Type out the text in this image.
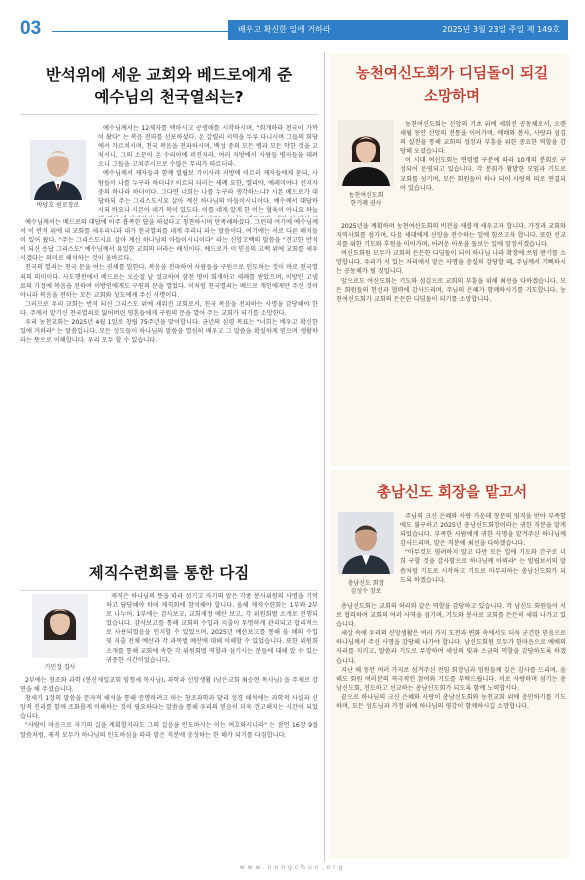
03	배우고 확신한 일에 거하라	2025년 3월 23일 주일 제 149호
반석위에 세운 교회와 베드로에게 준
예수님의 천국열쇠는?
박양호 원로장로

예수님께서는 12제자를 택하시고 공생애를 시작하시며, "회개하라 천국이 가까이 왔다" 는 복음 전파를 선포하셨다. 온 갈릴리 지역을 두루 다니시며 그들의 회당에서 가르치시며, 천국 복음을 전파하시며, 백성 중의 모든 병과 모든 약한 것을 고치시니, 그의 소문이 온 수리아에 퍼진지라, 여러 지방에서 사람들 병자들을 데려오니 그들을 고쳐주시므로 수많은 무리가 따르더라.

예수님께서 제자들과 함께 빌립보 가이사랴 지방에 이르러 제자들에게 묻되, 사람들이 나를 누구라 하더냐? 이르되 더러는 세례 요한, 엘리야, 예레미야나 선지자 중의 하나라 하더이다. 그다면 너희는 나를 누구라 생각하느냐? 시몬 베드로가 대답하되 주는 그리스도시요 살아 계신 하나님의 아들이시니이다. 예수께서 대답하시되 바요나 시몬아 네가 복이 있도다. 이를 네게 알게 한 이는 혈육이 아니요 하늘

예수님께서는 베드로의 대답에 아주 흡족한 답을 하셨다고 칭찬하시며 만족해하셨다. 그런데 여기에 예수님께서 이 반석 위에 내 교회를 세우리니라 내가 천국열쇠를 네게 주리니 라는 말씀이다. 여기에는 서로 다른 해석들이 있어 왔다. "주는 그리스도시요 살아 계신 하나님의 아들이시니이다" 라는 신앙고백의 말씀을 "견고한 반석이 되신 응답 그리스도" 예수님께서 유일한 교회의 터라는 해석이다. 베드로가 이 믿음의 고백 위에 교회를 세우시겠다는 의미로 해석하는 것이 올바르다.

천국의 열쇠는 천국 문을 여는 권세를 말한다. 복음을 전파하여 사람들을 구원으로 인도하는 것이 바로 천국열쇠의 의미이다. 사도행전에서 베드로는 오순절 날 설교하여 삼천 명이 회개하고 세례를 받았으며, 이방인 고넬료의 가정에 복음을 전하여 이방인에게도 구원의 문을 열었다. 이처럼 천국열쇠는 베드로 개인에게만 주신 것이 아니라 복음을 전하는 모든 교회와 성도에게 주신 사명이다.

그러므로 우리 교회는 반석 되신 그리스도 위에 세워진 교회로서, 천국 복음을 전파하는 사명을 감당해야 한다. 주께서 맡기신 천국열쇠로 잃어버린 영혼들에게 구원의 문을 열어 주는 교회가 되기를 소망한다.

우리 농천교회는 2025년 4월 1일로 창립 75주년을 맞이합니다. 금년의 심령 목표는 "너희는 배우고 확신한 일에 거하라" 는 말씀입니다. 모든 성도들이 하나님의 말씀을 열심히 배우고 그 말씀을 확실하게 믿으며 생활하라는 뜻으로 이해합니다. 우리 모두 할 수 있습니다.

제직수련회를 통한 다짐
기민정 집사

제직은 하나님의 뜻을 따라 섬기고 자기의 맡은 각종 봉사위원의 사명을 기억하고 담당해야 하며 제직회에 참석해야 합니다. 올해 제직수련회는 1부와 2부로 나누어, 1부에는 감사보고, 교회재정 예산 보고, 각 위원회별 소개로 진행되었습니다. 감사보고를 통해 교회의 수입과 지출이 투명하게 관리되고 합리적으로 사용되었음을 인지할 수 있었으며, 2025년 예산보고를 통해 올 해의 수입 및 지출 전체 예산과 각 과목별 예산에 대해 이해할 수 있었습니다. 또한 위원회 소개를 통해 교회에 속한 각 위원회별 역할과 섬기시는 분들에 대해 알 수 있는 귀중한 시간이었습니다.

2부에는 창조와 과학 (봉산제일교회 임청세 목사님), 과학과 신앙생활 (남은교회 최승현 목사님) 을 주제로 강연을 해 주셨습니다.

창세기 1장의 말씀을 문자적 해석을 통해 증명하려고 하는 창조과학과 달리 성경 해석에는 과학적 사실과 신앙적 진리를 함께 조화롭게 이해하는 것이 필요하다는 말씀을 통해 우리의 믿음이 더욱 견고해지는 시간이 되었습니다.

"사람이 마음으로 자기의 길을 계획할지라도 그의 걸음을 인도하시는 이는 여호와시니라" 는 잠언 16장 9절 말씀처럼, 제직 모두가 하나님의 인도하심을 따라 맡은 직분에 충성하는 한 해가 되기를 다짐합니다.

농천여신도회가 디딤돌이 되길
소망하며
농천여신도회
한기례 권사

농천여신도회는 신앙의 기초 위에 세워진 공동체로서, 오랜 세월 동안 신앙의 전통을 이어가며, 예배와 봉사, 사랑과 섬김의 실천을 통해 교회의 성장과 부흥을 위한 중요한 역할을 감당해 오셨습니다.

이 시대 여신도회는 연령별 구분에 따라 10개의 분회로 구성되어 운영되고 있습니다. 각 분회가 활발한 모임과 기도로 교회를 섬기며, 모든 회원들이 하나 되어 사랑의 띠로 연결되어 있습니다.

2025년을 계획하며 농천여신도회의 비전을 새롭게 세우고자 합니다. 가정과 교회와 지역사회를 섬기며, 다음 세대에게 신앙을 전수하는 일에 힘쓰고자 합니다. 또한 선교지를 위한 기도와 후원을 이어가며, 어려운 이웃을 돌보는 일에 앞장서겠습니다.

여신도회원 모두가 교회의 든든한 디딤돌이 되어 하나님 나라 확장에 쓰임 받기를 소망합니다. 우리가 서 있는 자리에서 맡은 사명을 충실히 감당할 때, 주님께서 기뻐하시는 공동체가 될 것입니다.

앞으로도 여신도회는 기도와 섬김으로 교회의 부흥을 위해 최선을 다하겠습니다. 모든 회원들의 헌신과 협력에 감사드리며, 주님의 은혜가 함께하시기를 기도합니다. 농천여신도회가 교회의 든든한 디딤돌이 되기를 소망합니다.

총남신도 회장을 맡고서
총남신도 회장
김성수 장로

주님의 크신 은혜와 사랑 가운데 창문의 임직을 받아 부족함에도 불구하고 2025년 총남신도회장이라는 귀한 직분을 맡게 되었습니다. 부족한 사람에게 귀한 사명을 맡겨주신 하나님께 감사드리며, 맡은 직분에 최선을 다하겠습니다.

"아무것도 염려하지 말고 다만 모든 일에 기도와 간구로 너희 구할 것을 감사함으로 하나님께 아뢰라" 는 빌립보서의 말씀처럼 기도로 시작하고 기도로 마무리하는 총남신도회가 되도록 하겠습니다.

총남신도회는 교회의 허리와 같은 역할을 감당하고 있습니다. 각 남신도 회원들이 서로 협력하여 교회의 여러 사역을 섬기며, 기도와 봉사로 교회를 든든히 세워 나가고 있습니다.

세상 속에 우리의 신앙생활은 여러 가지 도전과 변화 속에서도 더욱 굳건한 믿음으로 하나님께서 주신 사명을 감당해 나가야 합니다. 남신도회원 모두가 한마음으로 예배의 자리를 지키고, 말씀과 기도로 무장하여 세상의 빛과 소금의 역할을 감당하도록 하겠습니다.

지난 해 동안 여러 가지로 섬겨주신 전임 회장님과 임원들께 깊은 감사를 드리며, 올해도 회원 여러분의 적극적인 참여와 기도를 부탁드립니다. 서로 사랑하며 섬기는 총남신도회, 전도하고 선교하는 총남신도회가 되도록 함께 노력합시다.

끝으로 하나님의 크신 은혜와 사랑이 총남신도회와 농천교회 위에 충만하기를 기도하며, 모든 성도님과 가정 위에 하나님의 평강이 함께하시길 소망합니다.

www.nongchun.org
